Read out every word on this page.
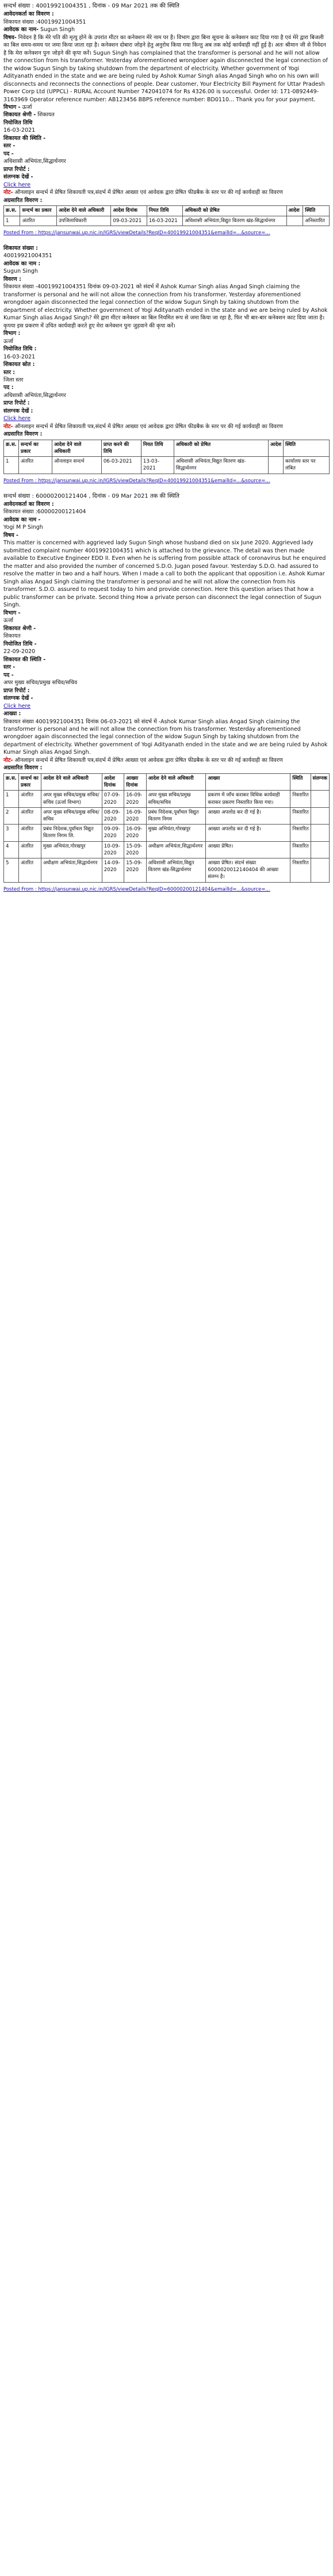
सन्दर्भ संख्या : 40019921004351 , दिनांक - 09 Mar 2021 तक की स्थिति

आवेदनकर्ता का विवरण :

शिकायत संख्या :40019921004351

आवेदक का नाम- Sugun Singh

विषय- निवेदन है कि मेरे पति की मृत्यु होने के उपरांत मीटर का कनेक्शन मेरे नाम पर है। विभाग द्वारा बिना सूचना के कनेक्शन काट दिया गया है एवं मेरे द्वारा बिजली का बिल समय-समय पर जमा किया जाता रहा है। कनेक्शन दोबारा जोड़ने हेतु अनुरोध किया गया किन्तु अब तक कोई कार्यवाही नहीं हुई है। अतः श्रीमान जी से निवेदन है कि मेरा कनेक्शन पुनः जोड़ने की कृपा करें। Sugun Singh has complained that the transformer is personal and he will not allow the connection from his transformer. Yesterday aforementioned wrongdoer again disconnected the legal connection of the widow Sugun Singh by taking shutdown from the department of electricity. Whether government of Yogi Adityanath ended in the state and we are being ruled by Ashok Kumar Singh alias Angad Singh who on his own will disconnects and reconnects the connections of people. Dear customer, Your Electricity Bill Payment for Uttar Pradesh Power Corp Ltd (UPPCL) - RURAL Account Number 742041074 for Rs 4326.00 is successful. Order Id: 171-0892449-3163969 Operator reference number: AB123456 BBPS reference number: BD0110... Thank you for your payment.

विभाग - ऊर्जा

शिकायत श्रेणी - शिकायत

नियोजित तिथि

16-03-2021

शिकायत की स्थिति -

स्तर -

पद -

अधिशासी अभियंता,सिद्धार्थनगर

प्राप्त रिपोर्ट :

संलग्नक देखें -

Click here

नोट- ऑनलाइन सन्दर्भ में प्रेषित शिकायती पत्र,संदर्भ में प्रेषित आख्या एवं आवेदक द्वारा प्रेषित फीडबैक के स्तर पर की गई कार्यवाही का विवरण

अग्रसारित विवरण :

क्र.स.	सन्दर्भ का प्रकार	आदेश देने वाले अधिकारी	आदेश दिनांक	नियत तिथि	अधिकारी को प्रेषित	आदेश	स्थिति
1	अंतरित	उपजिलाधिकारी	09-03-2021	16-03-2021	अधिशासी अभियंता,विद्युत वितरण खंड-सिद्धार्थनगर		अनिस्तारित

Posted From : https://jansunwai.up.nic.in/IGRS/viewDetails?ReqID=40019921004351&emailId=...&source=...

शिकायत संख्या :

40019921004351

आवेदक का नाम :

Sugun Singh

विवरण :

शिकायत संख्या -40019921004351 दिनांक 09-03-2021 को संदर्भ में Ashok Kumar Singh alias Angad Singh claiming the transformer is personal and he will not allow the connection from his transformer. Yesterday aforementioned wrongdoer again disconnected the legal connection of the widow Sugun Singh by taking shutdown from the department of electricity. Whether government of Yogi Adityanath ended in the state and we are being ruled by Ashok Kumar Singh alias Angad Singh? मेरे द्वारा मीटर कनेक्शन का बिल नियमित रूप से जमा किया जा रहा है, फिर भी बार-बार कनेक्शन काट दिया जाता है। कृपया इस प्रकरण में उचित कार्यवाही करते हुए मेरा कनेक्शन पुनः जुड़वाने की कृपा करें।

विभाग :

ऊर्जा

नियोजित तिथि :

16-03-2021

शिकायत स्रोत :

स्तर :

जिला स्तर

पद :

अधिशासी अभियंता,सिद्धार्थनगर

प्राप्त रिपोर्ट :

संलग्नक देखें :

Click here

नोट- ऑनलाइन सन्दर्भ में प्रेषित शिकायती पत्र,संदर्भ में प्रेषित आख्या एवं आवेदक द्वारा प्रेषित फीडबैक के स्तर पर की गई कार्यवाही का विवरण

अग्रसारित विवरण :

क्र.स.	सन्दर्भ का प्रकार	आदेश देने वाले अधिकारी	प्राप्त करने की तिथि	नियत तिथि	अधिकारी को प्रेषित	आदेश	स्थिति
1	अंतरित	ऑनलाइन सन्दर्भ	06-03-2021	13-03-2021	अधिशासी अभियंता,विद्युत वितरण खंड-सिद्धार्थनगर		कार्यालय स्तर पर लंबित

Posted From : https://jansunwai.up.nic.in/IGRS/viewDetails?ReqID=40019921004351&emailId=...&source=...

सन्दर्भ संख्या : 60000200121404 , दिनांक - 09 Mar 2021 तक की स्थिति

आवेदनकर्ता का विवरण :

शिकायत संख्या :60000200121404

आवेदक का नाम -

Yogi M P Singh

विषय -

This matter is concerned with aggrieved lady Sugun Singh whose husband died on six June 2020. Aggrieved lady submitted complaint number 40019921004351 which is attached to the grievance. The detail was then made available to Executive Engineer EDD II. Even when he is suffering from possible attack of coronavirus but he enquired the matter and also provided the number of concerned S.D.O. Jugan posed favour. Yesterday S.D.O. had assured to resolve the matter in two and a half hours. When I made a call to both the applicant that opposition i.e. Ashok Kumar Singh alias Angad Singh claiming the transformer is personal and he will not allow the connection from his transformer. S.D.O. assured to request today to him and provide connection. Here this question arises that how a public transformer can be private. Second thing How a private person can disconnect the legal connection of Sugun Singh.

विभाग -

ऊर्जा

शिकायत श्रेणी -

शिकायत

नियोजित तिथि -

22-09-2020

शिकायत की स्थिति -

स्तर -

पद -

अपर मुख्य सचिव/प्रमुख सचिव/सचिव

प्राप्त रिपोर्ट :

संलग्नक देखें -

Click here

आख्या :

शिकायत संख्या 40019921004351 दिनांक 06-03-2021 को संदर्भ में -Ashok Kumar Singh alias Angad Singh claiming the transformer is personal and he will not allow the connection from his transformer. Yesterday aforementioned wrongdoer again disconnected the legal connection of the widow Sugun Singh by taking shutdown from the department of electricity. Whether government of Yogi Adityanath ended in the state and we are being ruled by Ashok Kumar Singh alias Angad Singh.

नोट- ऑनलाइन सन्दर्भ में प्रेषित शिकायती पत्र,संदर्भ में प्रेषित आख्या एवं आवेदक द्वारा प्रेषित फीडबैक के स्तर पर की गई कार्यवाही का विवरण

अग्रसारित विवरण :

क्र.स.	सन्दर्भ का प्रकार	आदेश देने वाले अधिकारी	आदेश दिनांक	आख्या दिनांक	आदेश देने वाले अधिकारी	आख्या	स्थिति	संलग्नक
1	अंतरित	अपर मुख्य सचिव/प्रमुख सचिव/सचिव (ऊर्जा विभाग)	07-09-2020	16-09-2020	अपर मुख्य सचिव/प्रमुख सचिव/सचिव	प्रकरण में जाँच कराकर विधिक कार्यवाही कराकर प्रकरण निस्तारित किया गया।	निस्तारित	
2	अंतरित	अपर मुख्य सचिव/प्रमुख सचिव/सचिव	08-09-2020	16-09-2020	प्रबंध निदेशक,पूर्वांचल विद्युत वितरण निगम	आख्या अपलोड कर दी गई है।	निस्तारित	
3	अंतरित	प्रबंध निदेशक,पूर्वांचल विद्युत वितरण निगम लि.	09-09-2020	16-09-2020	मुख्य अभियंता,गोरखपुर	आख्या अपलोड कर दी गई है।	निस्तारित	
4	अंतरित	मुख्य अभियंता,गोरखपुर	10-09-2020	15-09-2020	अधीक्षण अभियंता,सिद्धार्थनगर	आख्या प्रेषित।	निस्तारित	
5	अंतरित	अधीक्षण अभियंता,सिद्धार्थनगर	14-09-2020	15-09-2020	अधिशासी अभियंता,विद्युत वितरण खंड-सिद्धार्थनगर	आख्या प्रेषित। संदर्भ संख्या 6000020012140404 की आख्या संलग्न है।	निस्तारित	

Posted From : https://jansunwai.up.nic.in/IGRS/viewDetails?ReqID=60000200121404&emailId=...&source=...
